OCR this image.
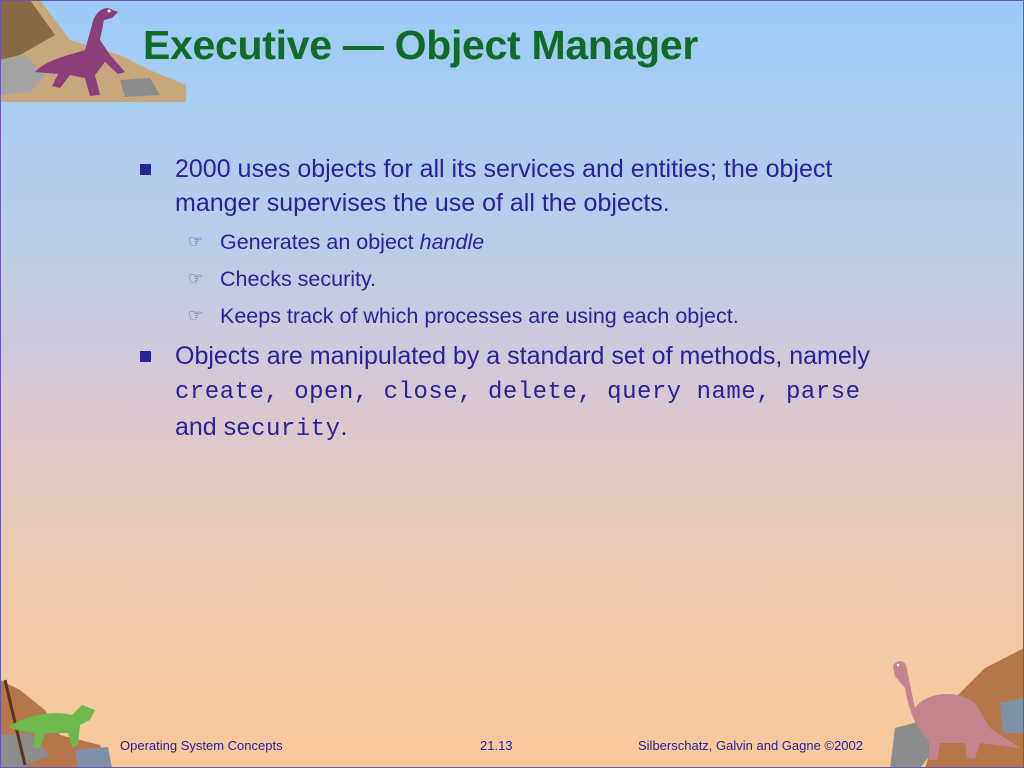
Executive — Object Manager
2000 uses objects for all its services and entities; the object manger supervises the use of all the objects.
☞ Generates an object handle
☞ Checks security.
☞ Keeps track of which processes are using each object.
Objects are manipulated by a standard set of methods, namely create, open, close, delete, query name, parse and security.
Operating System Concepts	21.13	Silberschatz, Galvin and Gagne ©2002
